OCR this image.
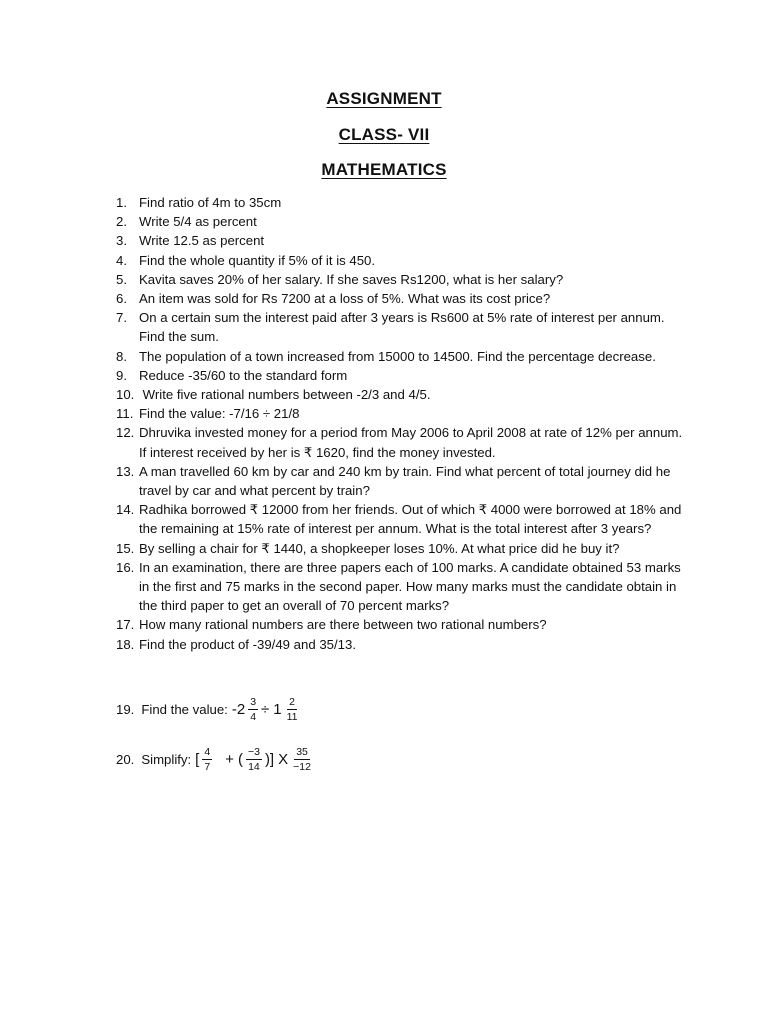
ASSIGNMENT
CLASS- VII
MATHEMATICS
1. Find ratio of 4m to 35cm
2. Write 5/4 as percent
3. Write 12.5 as percent
4. Find the whole quantity if 5% of it is 450.
5. Kavita saves 20% of her salary. If she saves Rs1200, what is her salary?
6. An item was sold for Rs 7200 at a loss of 5%. What was its cost price?
7. On a certain sum the interest paid after 3 years is Rs600 at 5% rate of interest per annum. Find the sum.
8. The population of a town increased from 15000 to 14500. Find the percentage decrease.
9. Reduce -35/60 to the standard form
10. Write five rational numbers between -2/3 and 4/5.
11. Find the value: -7/16 ÷ 21/8
12. Dhruvika invested money for a period from May 2006 to April 2008 at rate of 12% per annum. If interest received by her is ₹ 1620, find the money invested.
13. A man travelled 60 km by car and 240 km by train. Find what percent of total journey did he travel by car and what percent by train?
14. Radhika borrowed ₹ 12000 from her friends. Out of which ₹ 4000 were borrowed at 18% and the remaining at 15% rate of interest per annum. What is the total interest after 3 years?
15. By selling a chair for ₹ 1440, a shopkeeper loses 10%. At what price did he buy it?
16. In an examination, there are three papers each of 100 marks. A candidate obtained 53 marks in the first and 75 marks in the second paper. How many marks must the candidate obtain in the third paper to get an overall of 70 percent marks?
17. How many rational numbers are there between two rational numbers?
18. Find the product of -39/49 and 35/13.
19. Find the value: $-2 \frac{3}{4} \div 1 \frac{2}{11}$
20. Simplify: [ $\frac{4}{7}$ + ( $\frac{-3}{14}$ )] X $\frac{35}{-12}$
